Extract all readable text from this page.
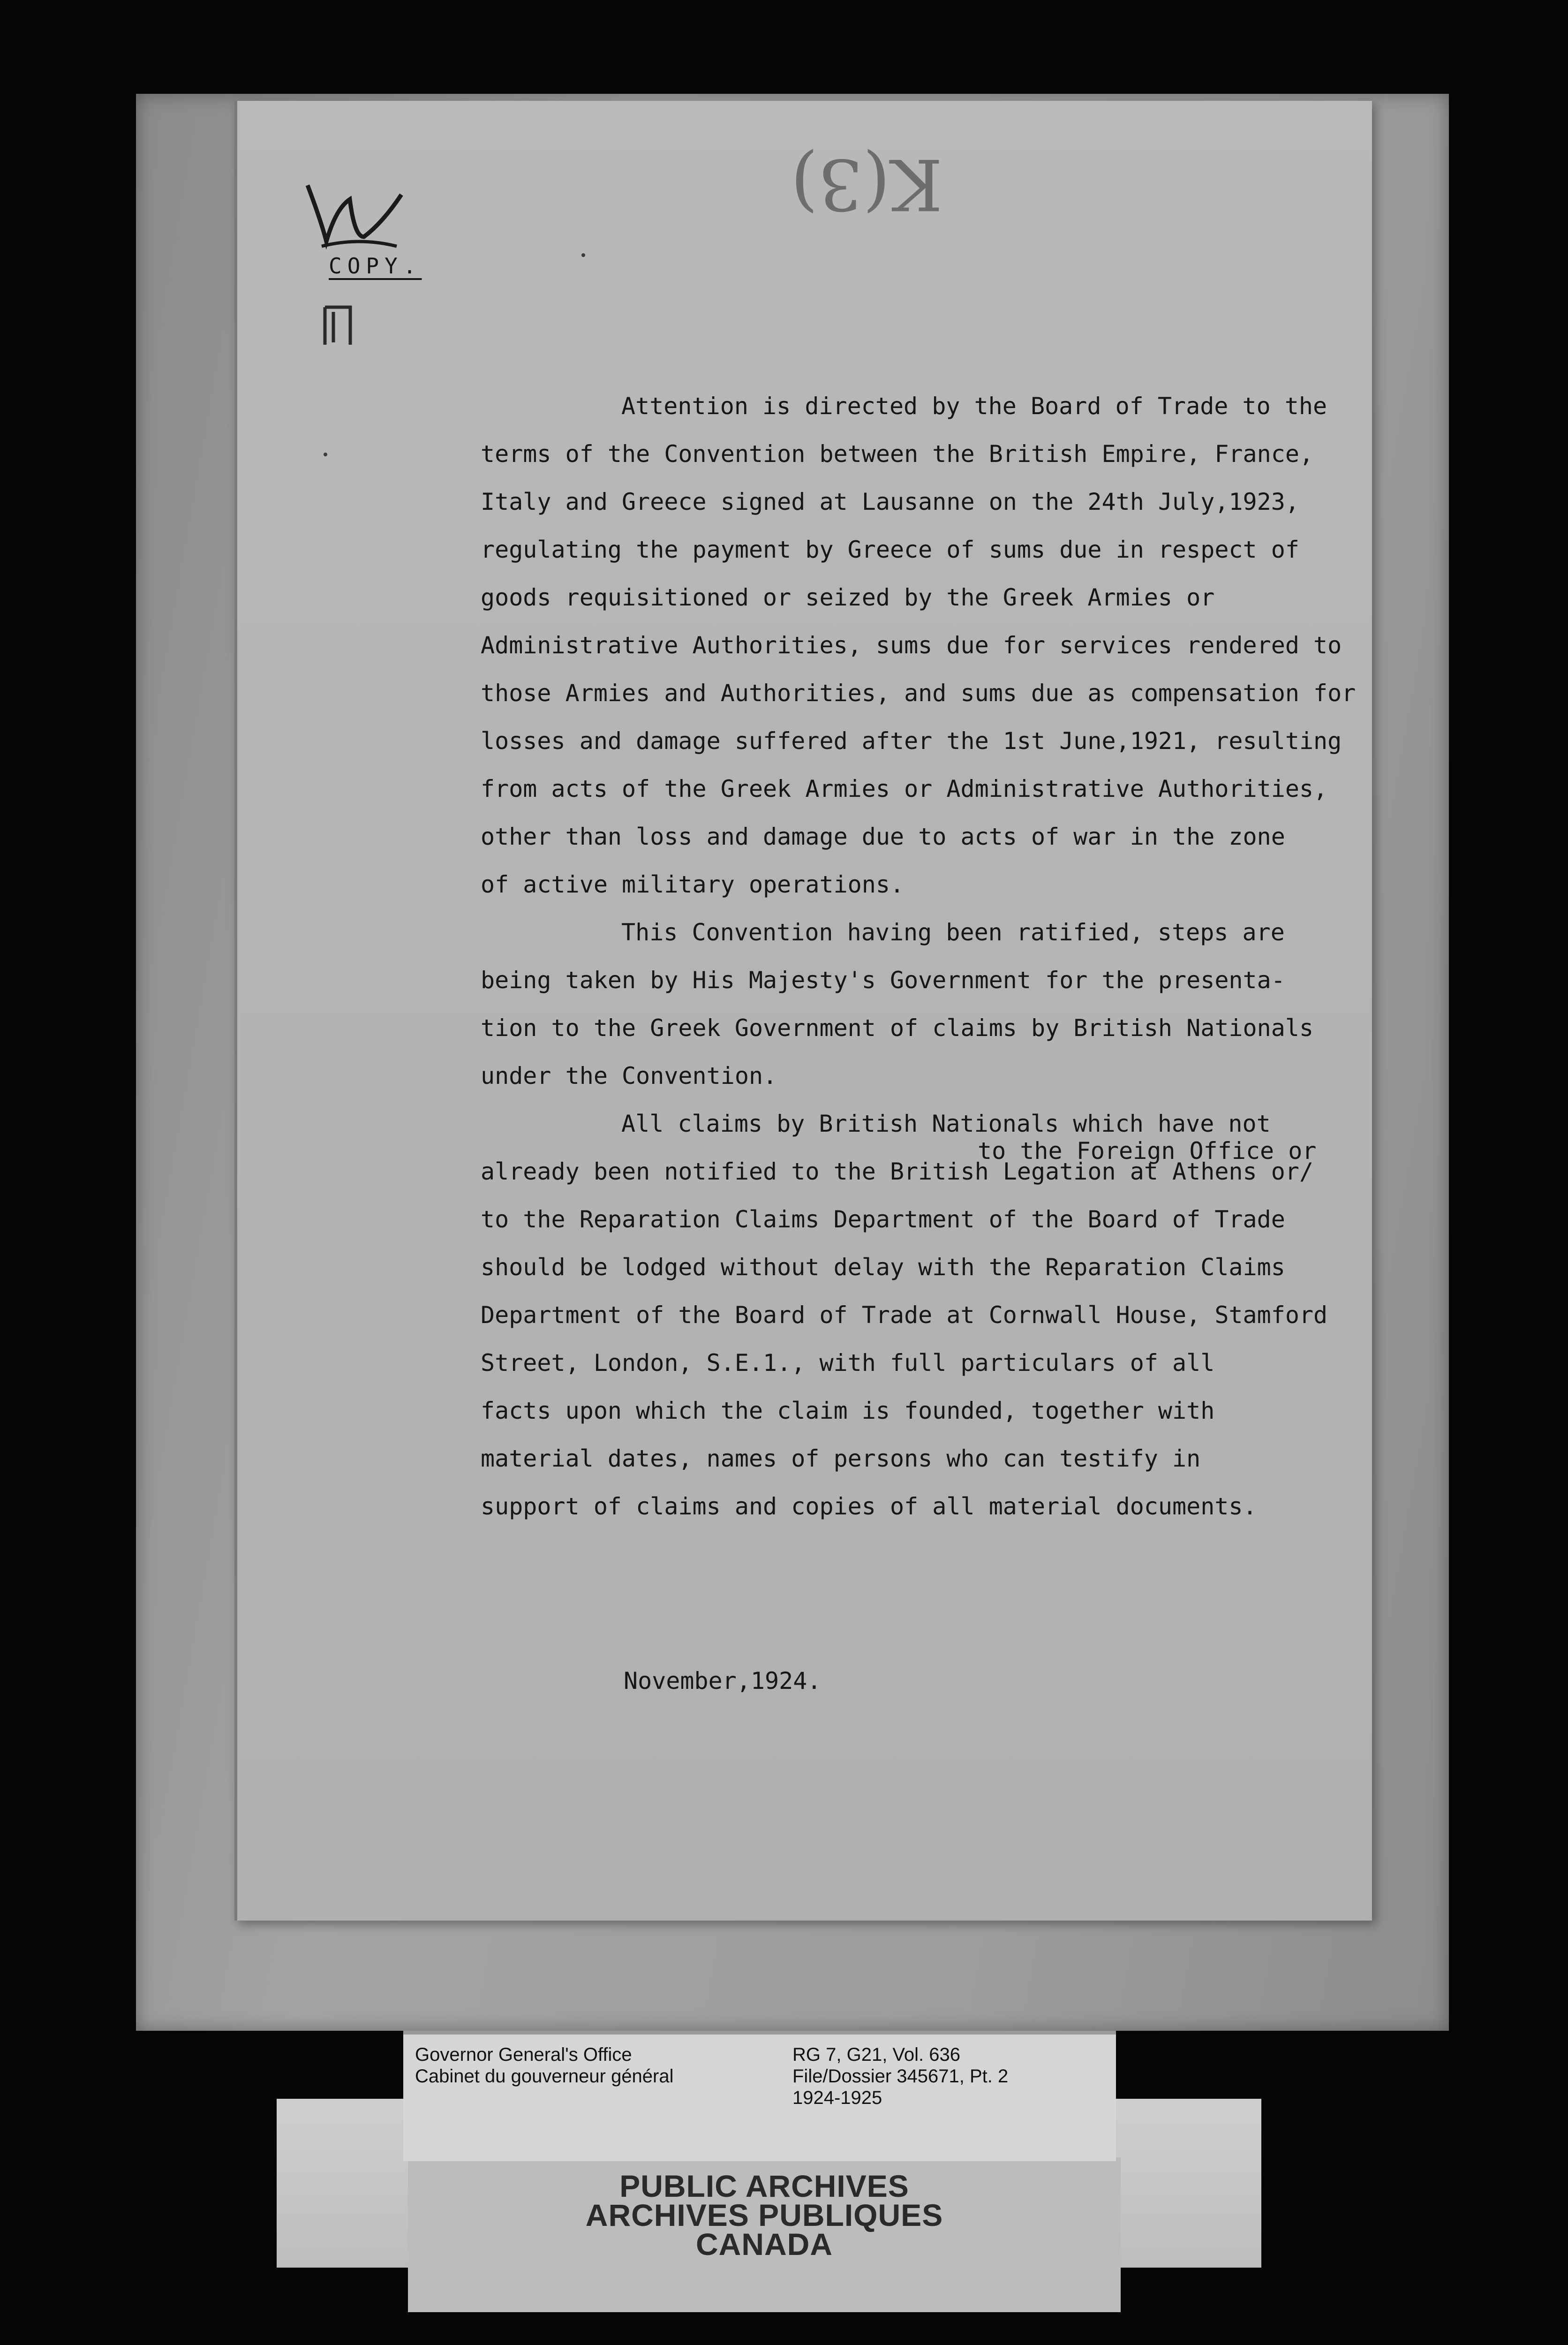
K(3)
COPY.
Attention is directed by the Board of Trade to the
terms of the Convention between the British Empire, France,
Italy and Greece signed at Lausanne on the 24th July,1923,
regulating the payment by Greece of sums due in respect of
goods requisitioned or seized by the Greek Armies or
Administrative Authorities, sums due for services rendered to
those Armies and Authorities, and sums due as compensation for
losses and damage suffered after the 1st June,1921, resulting
from acts of the Greek Armies or Administrative Authorities,
other than loss and damage due to acts of war in the zone
of active military operations.
This Convention having been ratified, steps are
being taken by His Majesty's Government for the presenta-
tion to the Greek Government of claims by British Nationals
under the Convention.
All claims by British Nationals which have not
to the Foreign Office or
already been notified to the British Legation at Athens or/
to the Reparation Claims Department of the Board of Trade
should be lodged without delay with the Reparation Claims
Department of the Board of Trade at Cornwall House, Stamford
Street, London, S.E.1., with full particulars of all
facts upon which the claim is founded, together with
material dates, names of persons who can testify in
support of claims and copies of all material documents.
November,1924.
PUBLIC ARCHIVES
ARCHIVES PUBLIQUES
CANADA
Governor General's Office
Cabinet du gouverneur général
RG 7, G21, Vol. 636
File/Dossier 345671, Pt. 2
1924-1925
